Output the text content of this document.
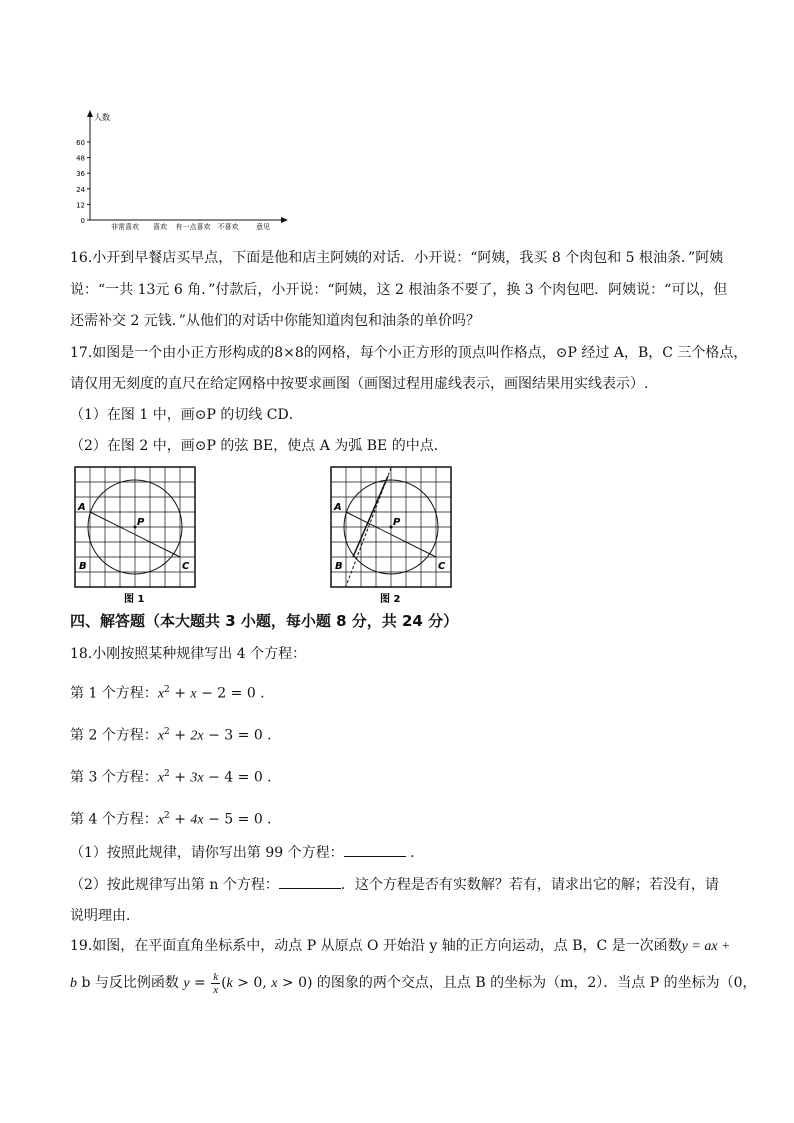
人数
0
12
24
36
48
60
非常喜欢 喜欢 有一点喜欢 不喜欢	意见
16.小开到早餐店买早点，下面是他和店主阿姨的对话．小开说：“阿姨，我买 8 个肉包和 5 根油条．”阿姨
说：“一共 13元 6 角．”付款后，小开说：“阿姨，这 2 根油条不要了，换 3 个肉包吧．阿姨说：“可以，但
还需补交 2 元钱．”从他们的对话中你能知道肉包和油条的单价吗？
17.如图是一个由小正方形构成的8×8的网格，每个小正方形的顶点叫作格点，⊙P 经过 A，B，C 三个格点，
请仅用无刻度的直尺在给定网格中按要求画图（画图过程用虚线表示，画图结果用实线表示）.
（1）在图 1 中，画⊙P 的切线 CD．
（2）在图 2 中，画⊙P 的弦 BE，使点 A 为弧 BE 的中点．
A
P
B	C
图 1
A
P
B	C
图 2
四、解答题（本大题共 3 小题，每小题 8 分，共 24 分）
18.小刚按照某种规律写出 4 个方程：
第 1 个方程：$x^2 + x - 2 = 0$ .
第 2 个方程：$x^2 + 2x - 3 = 0$ .
第 3 个方程：$x^2 + 3x - 4 = 0$ .
第 4 个方程：$x^2 + 4x - 5 = 0$ .
（1）按照此规律，请你写出第 99 个方程：	.
（2）按此规律写出第 n 个方程：	．这个方程是否有实数解？若有，请求出它的解；若没有，请
说明理由．
19.如图，在平面直角坐标系中，动点 P 从原点 O 开始沿 y 轴的正方向运动，点 B，C 是一次函数y = ax +
b b 与反比例函数 $y = \frac{k}{x} (k > 0$, x > 0) 的图象的两个交点，且点 B 的坐标为（m，2）．当点 P 的坐标为（0，
